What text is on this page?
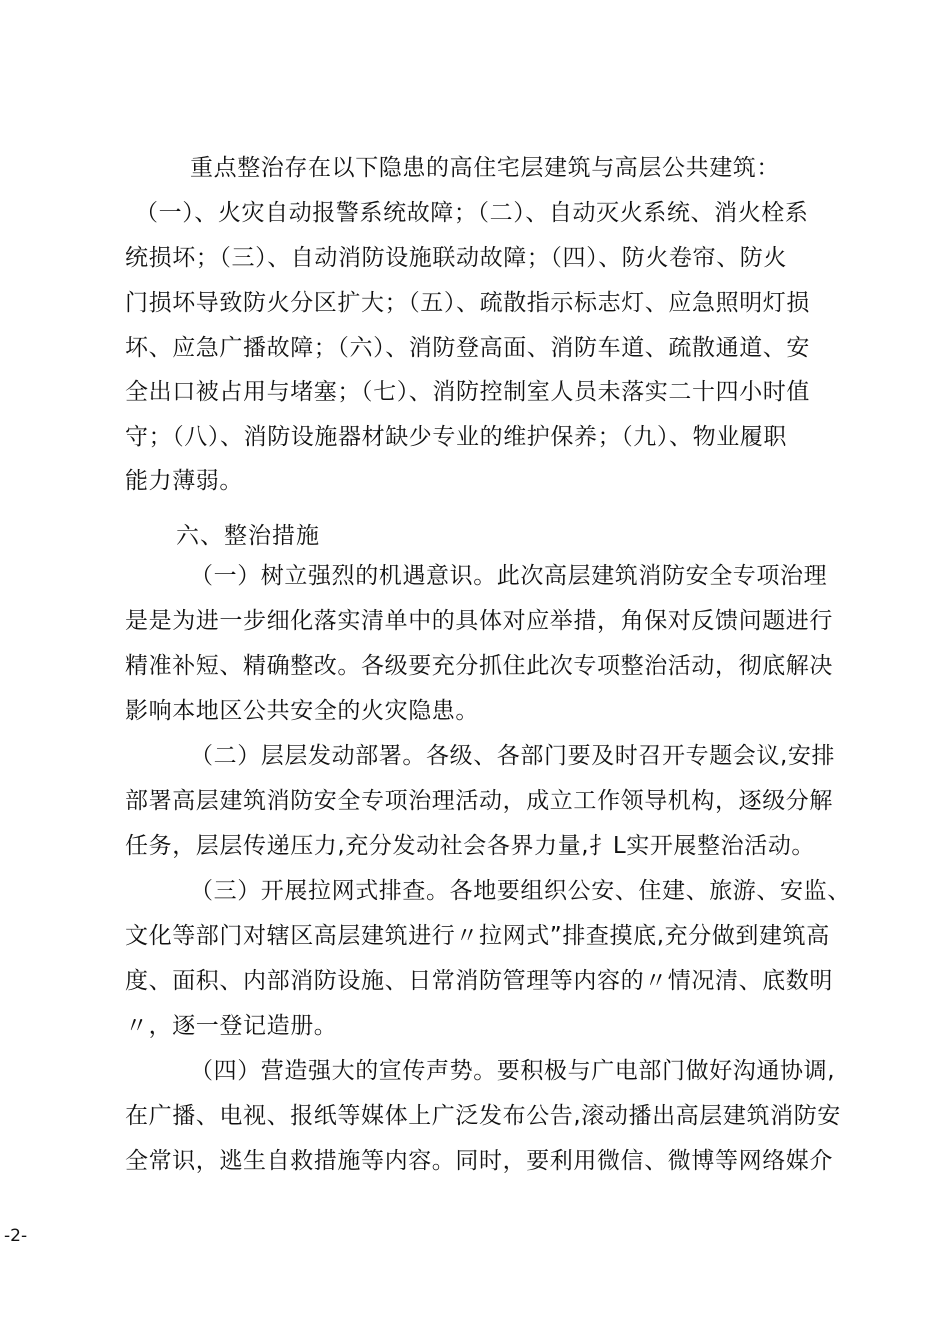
重点整治存在以下隐患的高住宅层建筑与高层公共建筑：
（一）、火灾自动报警系统故障；（二）、自动灭火系统、消火栓系
统损坏；（三）、自动消防设施联动故障；（四）、防火卷帘、防火
门损坏导致防火分区扩大；（五）、疏散指示标志灯、应急照明灯损
坏、应急广播故障；（六）、消防登高面、消防车道、疏散通道、安
全出口被占用与堵塞；（七）、消防控制室人员未落实二十四小时值
守；（八）、消防设施器材缺少专业的维护保养；（九）、物业履职
能力薄弱。
六、整治措施
（一）树立强烈的机遇意识。此次高层建筑消防安全专项治理
是是为进一步细化落实清单中的具体对应举措，角保对反馈问题进行
精准补短、精确整改。各级要充分抓住此次专项整治活动，彻底解决
影响本地区公共安全的火灾隐患。
（二）层层发动部署。各级、各部门要及时召开专题会议,安排
部署高层建筑消防安全专项治理活动，成立工作领导机构，逐级分解
任务，层层传递压力,充分发动社会各界力量,扌L实开展整治活动。
（三）开展拉网式排查。各地要组织公安、住建、旅游、安监、
文化等部门对辖区高层建筑进行〃拉网式”排查摸底,充分做到建筑高
度、面积、内部消防设施、日常消防管理等内容的〃情况清、底数明
〃，逐一登记造册。
（四）营造强大的宣传声势。要积极与广电部门做好沟通协调,
在广播、电视、报纸等媒体上广泛发布公告,滚动播出高层建筑消防安
全常识，逃生自救措施等内容。同时，要利用微信、微博等网络媒介
-2-
